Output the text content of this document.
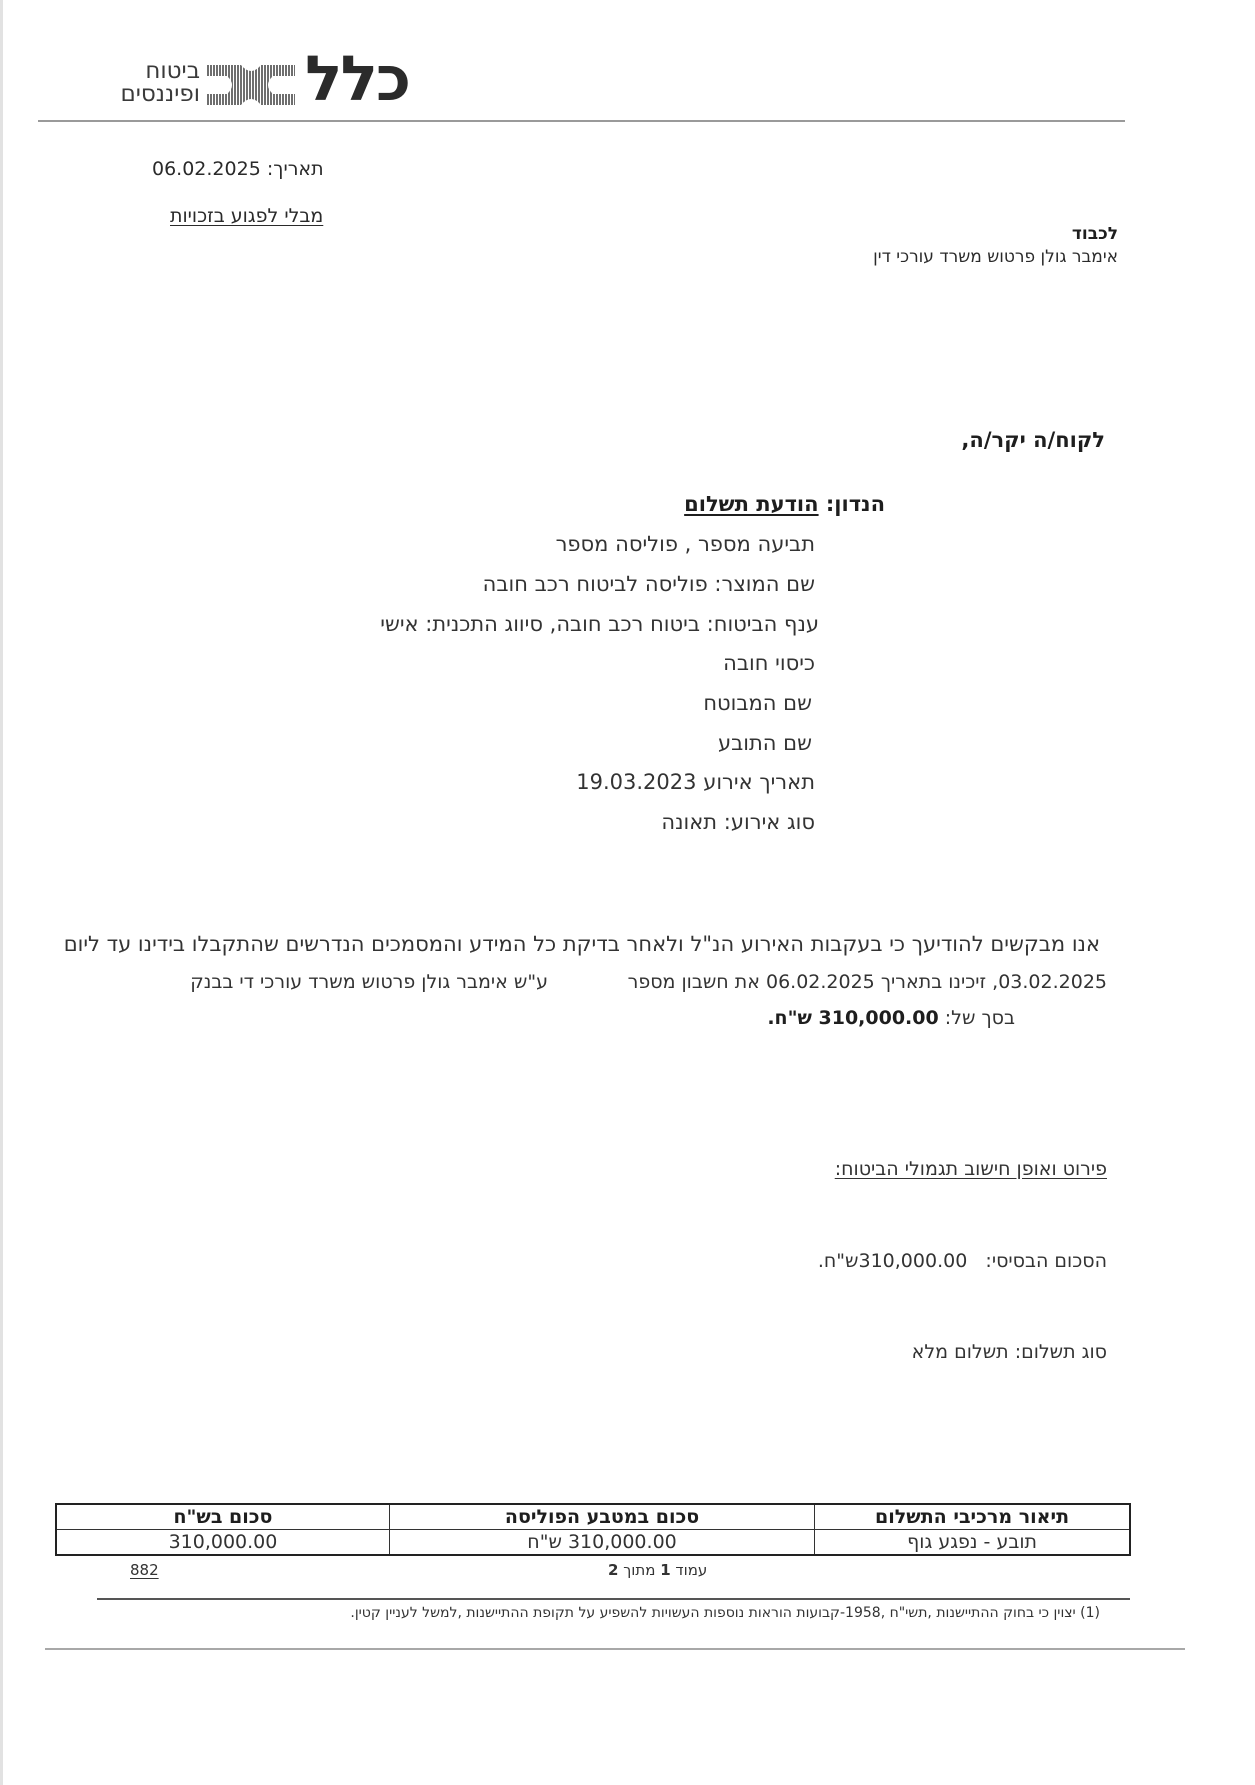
ביטוח
ופיננסים כלל
תאריך: 06.02.2025
מבלי לפגוע בזכויות
לכבוד
אימבר גולן פרטוש משרד עורכי דין
לקוח/ה יקר/ה,
הנדון: הודעת תשלום
תביעה מספר , פוליסה מספר
שם המוצר: פוליסה לביטוח רכב חובה
ענף הביטוח: ביטוח רכב חובה, סיווג התכנית: אישי
כיסוי חובה
שם המבוטח
שם התובע
תאריך אירוע 19.03.2023
סוג אירוע: תאונה
אנו מבקשים להודיעך כי בעקבות האירוע הנ"ל ולאחר בדיקת כל המידע והמסמכים הנדרשים שהתקבלו בידינו עד ליום
03.02.2025, זיכינו בתאריך 06.02.2025 את חשבון מספר
ע"ש אימבר גולן פרטוש משרד עורכי די בבנק
בסך של: 310,000.00 ש"ח.
פירוט ואופן חישוב תגמולי הביטוח:
הסכום הבסיסי:   310,000.00ש"ח.
סוג תשלום: תשלום מלא
תיאור מרכיבי התשלום	סכום במטבע הפוליסה	סכום בש"ח
תובע - נפגע גוף	310,000.00 ש"ח	310,000.00
עמוד 1 מתוך 2
882
(1) יצוין כי בחוק ההתיישנות ,תשי"ח ,1958-קבועות הוראות נוספות העשויות להשפיע על תקופת ההתיישנות ,למשל לעניין קטין.
